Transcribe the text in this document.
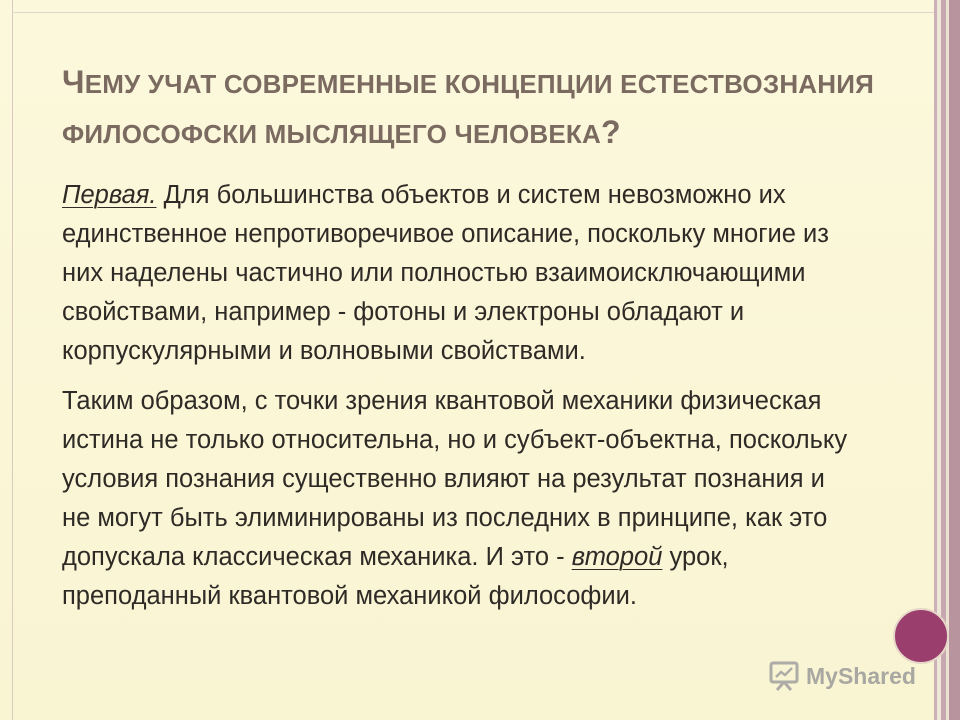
ЧЕМУ УЧАТ СОВРЕМЕННЫЕ КОНЦЕПЦИИ ЕСТЕСТВОЗНАНИЯ
ФИЛОСОФСКИ МЫСЛЯЩЕГО ЧЕЛОВЕКА?

Первая. Для большинства объектов и систем невозможно их единственное непротиворечивое описание, поскольку многие из них наделены частично или полностью взаимоисключающими свойствами, например - фотоны и электроны обладают и корпускулярными и волновыми свойствами.

Таким образом, с точки зрения квантовой механики физическая истина не только относительна, но и субъект-объектна, поскольку условия познания существенно влияют на результат познания и не могут быть элиминированы из последних в принципе, как это допускала классическая механика. И это - второй урок, преподанный квантовой механикой философии.

MyShared
